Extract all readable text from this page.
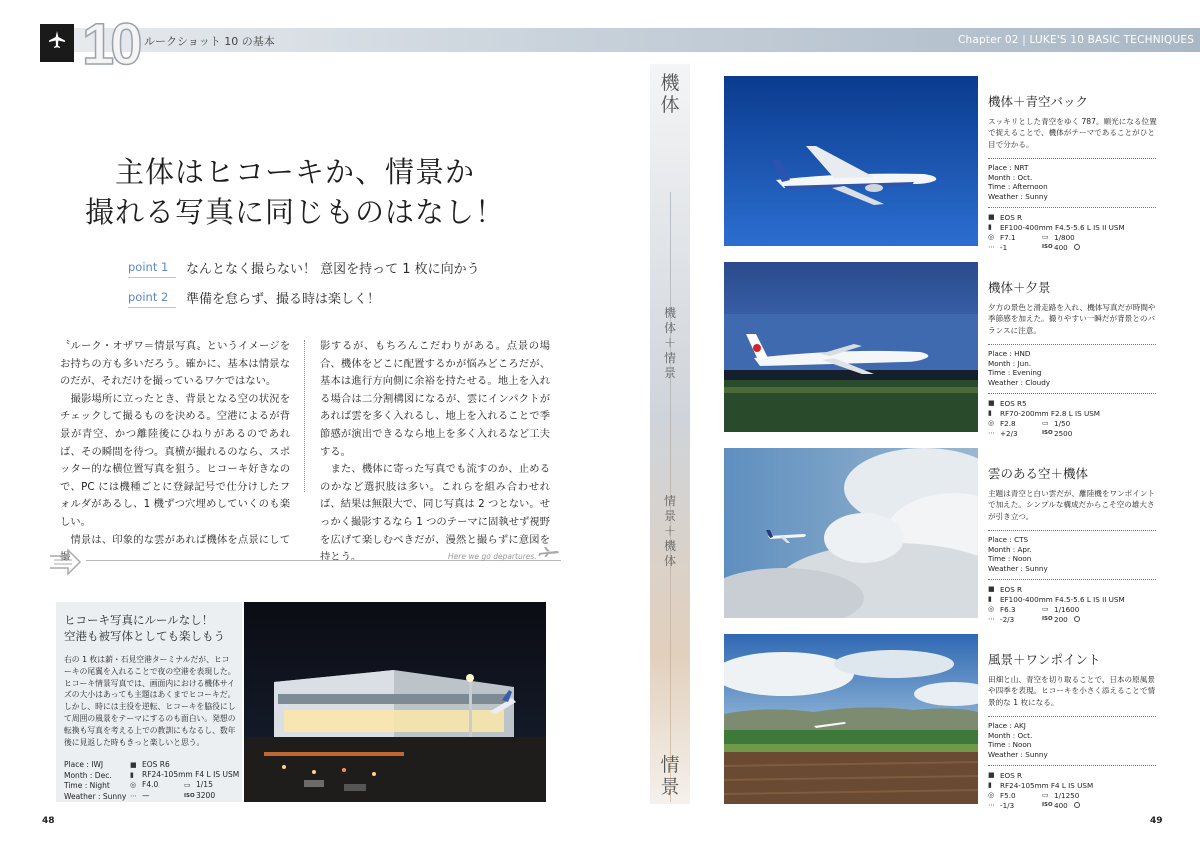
Chapter 2
10 ルークショット 10 の基本	Chapter 02 | LUKE'S 10 BASIC TECHNIQUES
主体はヒコーキか、情景か
撮れる写真に同じものはなし！
point 1	なんとなく撮らない！ 意図を持って 1 枚に向かう
point 2	準備を怠らず、撮る時は楽しく！
〝ルーク・オザワ＝情景写真〟というイメージをお持ちの方も多いだろう。確かに、基本は情景なのだが、それだけを撮っているワケではない。
　撮影場所に立ったとき、背景となる空の状況をチェックして撮るものを決める。空港によるが背景が青空、かつ離陸後にひねりがあるのであれば、その瞬間を待つ。真横が撮れるのなら、スポッター的な横位置写真を狙う。ヒコーキ好きなので、PC には機種ごとに登録記号で仕分けしたフォルダがあるし、1 機ずつ穴埋めしていくのも楽しい。
　情景は、印象的な雲があれば機体を点景にして撮
影するが、もちろんこだわりがある。点景の場合、機体をどこに配置するかが悩みどころだが、基本は進行方向側に余裕を持たせる。地上を入れる場合は二分割構図になるが、雲にインパクトがあれば雲を多く入れるし、地上を入れることで季節感が演出できるなら地上を多く入れるなど工夫する。
　また、機体に寄った写真でも流すのか、止めるのかなど選択肢は多い。これらを組み合わせれば、結果は無限大で、同じ写真は 2 つとない。せっかく撮影するなら 1 つのテーマに固執せず視野を広げて楽しむべきだが、漫然と撮らずに意図を持とう。	Here we go departures.
ヒコーキ写真にルールなし！
空港も被写体としても楽しもう
右の 1 枚は薪・石見空港ターミナルだが、ヒコーキの尾翼を入れることで夜の空港を表現した。ヒコーキ情景写真では、画面内における機体サイズの大小はあっても主題はあくまでヒコーキだ。しかし、時には主役を逆転、ヒコーキを脇役にして周囲の風景をテーマにするのも面白い。発想の転換も写真を考える上での教訓にもなるし、数年後に見返した時もきっと楽しいと思う。
Place : IWJ
Month : Dec.
Time : Night
Weather : Sunny
■ EOS R6
▮	RF24-105mm F4 L IS USM
◎ F4.0	▭ 1/15
⋯ —	ISO 3200
48
機
体
機
体
＋
情
景
情
景
＋
機
体
情
景
機体＋青空バック
スッキリとした青空をゆく 787。順光になる位置で捉えることで、機体がテーマであることがひと目で分かる。
Place : NRT
Month : Oct.
Time : Afternoon
Weather : Sunny
■ EOS R
▮	EF100-400mm F4.5-5.6 L IS II USM
◎ F7.1	▭ 1/800
⋯ -1	ISO 400
機体＋夕景
夕方の景色と滑走路を入れ、機体写真だが時間や季節感を加えた。撮りやすい一瞬だが背景とのバランスに注意。
Place : HND
Month : Jun.
Time : Evening
Weather : Cloudy
■ EOS R5
▮	RF70-200mm F2.8 L IS USM
◎ F2.8	▭ 1/50
⋯ +2/3	ISO 2500
雲のある空＋機体
主題は青空と白い雲だが、離陸機をワンポイントで加えた。シンプルな構成だからこそ空の雄大さが引き立つ。
Place : CTS
Month : Apr.
Time : Noon
Weather : Sunny
■ EOS R
▮	EF100-400mm F4.5-5.6 L IS II USM
◎ F6.3	▭ 1/1600
⋯ -2/3	ISO 200
風景＋ワンポイント
田畑と山、青空を切り取ることで、日本の原風景や四季を表現。ヒコーキを小さく添えることで情景的な 1 枚になる。
Place : AKJ
Month : Oct.
Time : Noon
Weather : Sunny
■ EOS R
▮	RF24-105mm F4 L IS USM
◎ F5.0	▭ 1/1250
⋯ -1/3	ISO 400
49
